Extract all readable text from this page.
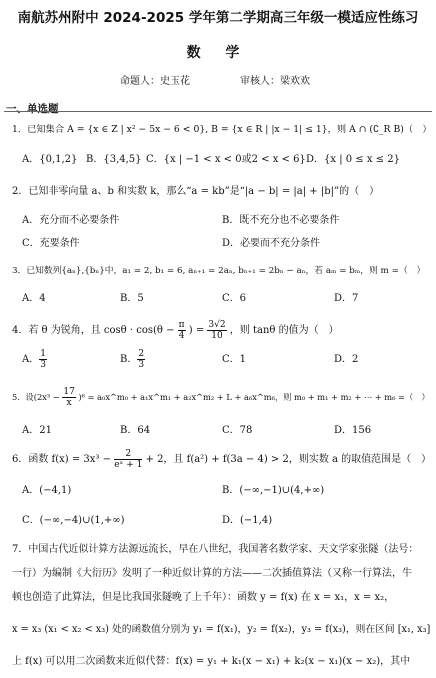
南航苏州附中 2024-2025 学年第二学期高三年级一模适应性练习
数 学
命题人：史玉花	审核人：梁欢欢
一、单选题
1．已知集合 A = {x ∈ Z | x² − 5x − 6 < 0}, B = {x ∈ R | |x − 1| ≤ 1}，则 A ∩ (∁_R B)（　）
A．{0,1,2} B．{3,4,5} C．{x | −1 < x < 0或2 < x < 6} D．{x | 0 ≤ x ≤ 2}
2．已知非零向量 a、b 和实数 k，那么“a = kb”是“|a − b| = |a| + |b|”的（　）
A．充分而不必要条件	B．既不充分也不必要条件
C．充要条件	D．必要而不充分条件
3．已知数列{aₙ},{bₙ}中，a₁ = 2, b₁ = 6, aₙ₊₁ = 2aₙ, bₙ₊₁ = 2bₙ − aₙ，若 aₘ = bₘ，则 m =（　）
A．4	B．5	C．6	D．7
4．若 θ 为锐角，且 $\cos\theta \cdot \cos(\theta - \frac{\pi}{4}$ ) = $\frac{3√2}{10}$ ，则 tanθ 的值为（　）
A． $\frac{1}{3}$	B． $\frac{2}{3}$	C．1	D．2
5．设$(2x^3 - \frac{17}{x} )^6$ = a₀x^m₀ + a₁x^m₁ + a₂x^m₂ + L + a₆x^m₆，则 m₀ + m₁ + m₂ + ⋯ + m₆ =（　）
A．21	B．64	C．78	D．156
6．函数 $f(x) = 3x^3 - \frac{2}{\text{eˣ + 1}} + 2$，且 f(a²) + f(3a − 4) > 2，则实数 a 的取值范围是（　）
A．(−4,1)	B．(−∞,−1)∪(4,+∞)
C．(−∞,−4)∪(1,+∞)	D．(−1,4)
7．中国古代近似计算方法源远流长，早在八世纪，我国著名数学家、天文学家张隧（法号：
一行）为编制《大衍历》发明了一种近似计算的方法——二次插值算法（又称一行算法，牛
顿也创造了此算法，但是比我国张隧晚了上千年）：函数 y = f(x) 在 x = x₁，x = x₂，
x = x₃ (x₁ < x₂ < x₃) 处的函数值分别为 y₁ = f(x₁)，y₂ = f(x₂)，y₃ = f(x₃)，则在区间 [x₁, x₃]
上 f(x) 可以用二次函数来近似代替：f(x) = y₁ + k₁(x − x₁) + k₂(x − x₁)(x − x₂)，其中
